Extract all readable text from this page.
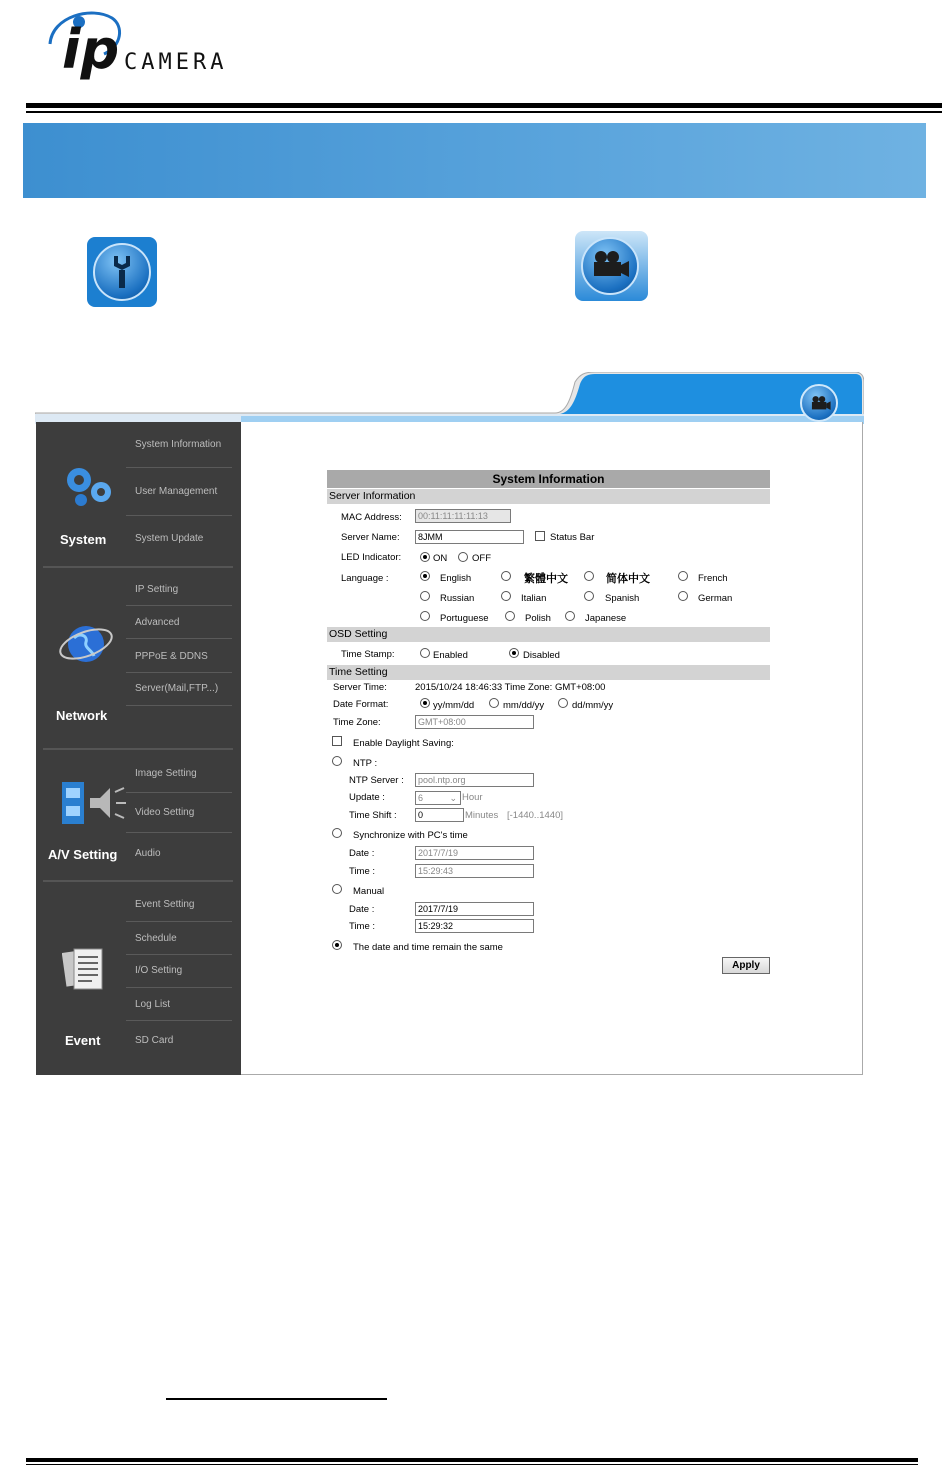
ip CAMERA
System
System Information
User Management
System Update
Network
IP Setting
Advanced
PPPoE & DDNS
Server(Mail,FTP...)
A/V Setting
Image Setting
Video Setting
Audio
Event
Event Setting
Schedule
I/O Setting
Log List
SD Card
System Information
Server Information
MAC Address:	00:11:11:11:11:13
Server Name:	8JMM	Status Bar
LED Indicator:	ON	OFF
Language :	English	繁體中文	简体中文	French
Russian	Italian	Spanish	German
Portuguese	Polish	Japanese
OSD Setting
Time Stamp:	Enabled	Disabled
Time Setting
Server Time:	2015/10/24 18:46:33 Time Zone: GMT+08:00
Date Format:	yy/mm/dd	mm/dd/yy	dd/mm/yy
Time Zone:	GMT+08:00
Enable Daylight Saving:
NTP :
NTP Server :	pool.ntp.org
Update :	6	⌄ Hour
Time Shift :	0	Minutes [-1440..1440]
Synchronize with PC's time
Date :	2017/7/19
Time :	15:29:43
Manual
Date :	2017/7/19
Time :	15:29:32
The date and time remain the same
Apply
